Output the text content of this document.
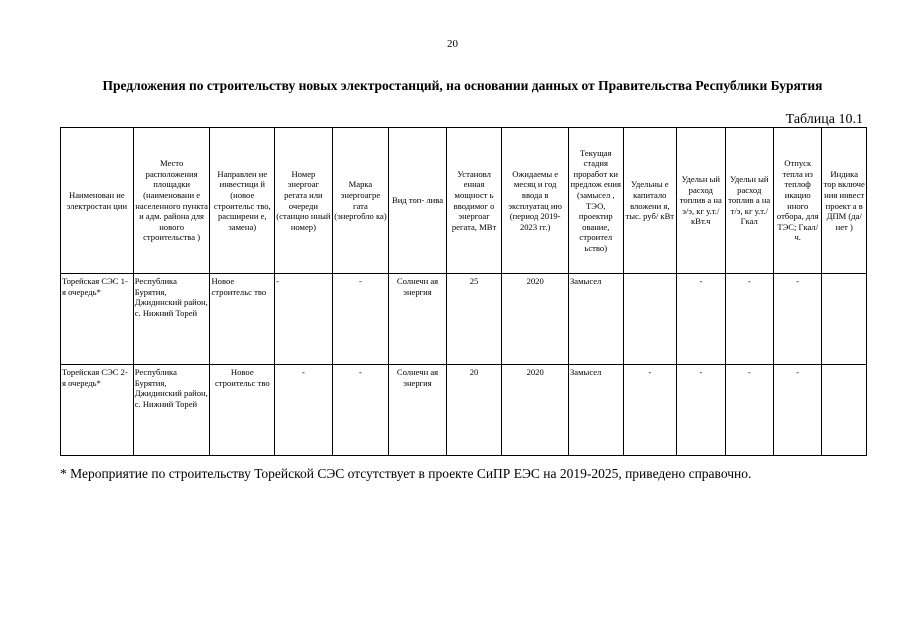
20
Предложения по строительству новых электростанций, на основании данных от Правительства Республики Бурятия
Таблица 10.1
Наименован ие электростан ции	Место расположения площадки (наименовани е населенного пункта и адм. района для нового строительства )	Направлен ие инвестици й (новое строительс тво, расширени е, замена)	Номер энергоаг регата или очереди (станцио нный номер)	Марка энергоагре гата (энергобло ка)	Вид топ- лива	Установл енная мощност ь вводимог о энергоаг регата, МВт	Ожидаемы е месяц и год ввода в эксплуатац ию (период 2019-2023 гг.)	Текущая стадия проработ ки предлож ения (замысел , ТЭО, проектир ование, строител ьство)	Удельны е капитало вложени я, тыс. руб/ кВт	Удельн ый расход топлив а на э/э, кг у.т./ кВт.ч	Удельн ый расход топлив а на т/э, кг у.т./ Гкал	Отпуск тепла из теплоф икацио нного отбора, для ТЭС; Гкал/ч.	Индика тор включе ния инвест проект а в ДПМ (да/нет )
Торейская СЭС 1-я очередь*	Республика Бурятия, Джидинский район, с. Нижний Торей	Новое строительс тво	-	-	Солнечн ая энергия	25	2020	Замысел		-	-	-	
Торейская СЭС 2-я очередь*	Республика Бурятия, Джидинский район, с. Нижний Торей	Новое строительс тво	-	-	Солнечн ая энергия	20	2020	Замысел	-	-	-	-	
* Мероприятие по строительству Торейской СЭС отсутствует в проекте СиПР ЕЭС на 2019-2025, приведено справочно.
